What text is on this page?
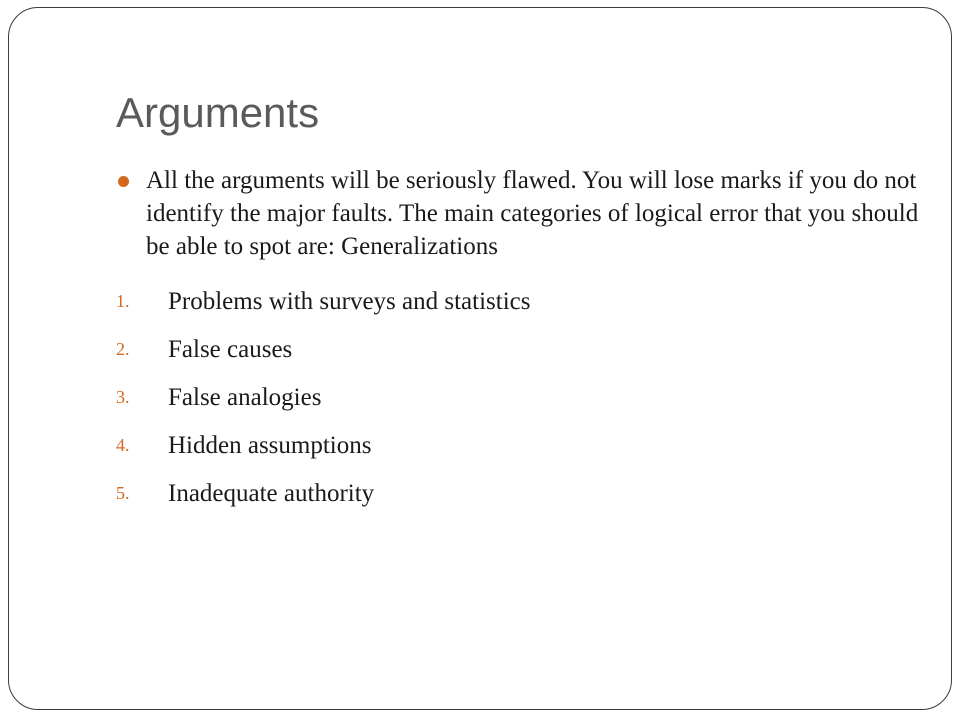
Arguments

All the arguments will be seriously flawed. You will lose marks if you do not identify the major faults. The main categories of logical error that you should be able to spot are: Generalizations

1. Problems with surveys and statistics
2. False causes
3. False analogies
4. Hidden assumptions
5. Inadequate authority
